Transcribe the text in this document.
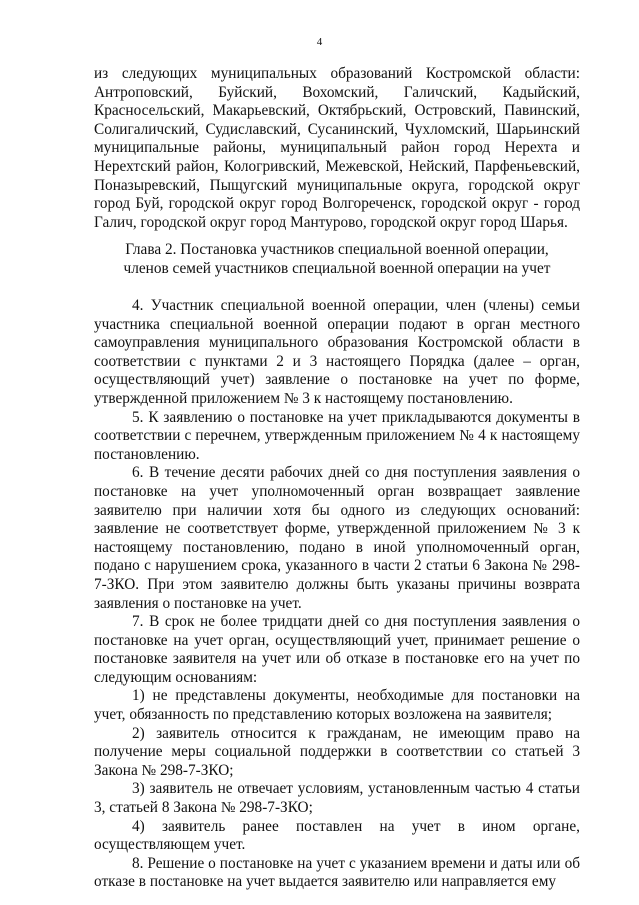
4

из следующих муниципальных образований Костромской области: Антроповский, Буйский, Вохомский, Галичский, Кадыйский, Красносельский, Макарьевский, Октябрьский, Островский, Павинский, Солигаличский, Судиславский, Сусанинский, Чухломский, Шарьинский муниципальные районы, муниципальный район город Нерехта и Нерехтский район, Кологривский, Межевской, Нейский, Парфеньевский, Поназыревский, Пыщугский муниципальные округа, городской округ город Буй, городской округ город Волгореченск, городской округ - город Галич, городской округ город Мантурово, городской округ город Шарья.

Глава 2. Постановка участников специальной военной операции,

членов семей участников специальной военной операции на учет

4. Участник специальной военной операции, член (члены) семьи участника специальной военной операции подают в орган местного самоуправления муниципального образования Костромской области в соответствии с пунктами 2 и 3 настоящего Порядка (далее – орган, осуществляющий учет) заявление о постановке на учет по форме, утвержденной приложением № 3 к настоящему постановлению.

5. К заявлению о постановке на учет прикладываются документы в соответствии с перечнем, утвержденным приложением № 4 к настоящему постановлению.

6. В течение десяти рабочих дней со дня поступления заявления о постановке на учет уполномоченный орган возвращает заявление заявителю при наличии хотя бы одного из следующих оснований: заявление не соответствует форме, утвержденной приложением № 3 к настоящему постановлению, подано в иной уполномоченный орган, подано с нарушением срока, указанного в части 2 статьи 6 Закона № 298-7-ЗКО. При этом заявителю должны быть указаны причины возврата заявления о постановке на учет.

7. В срок не более тридцати дней со дня поступления заявления о постановке на учет орган, осуществляющий учет, принимает решение о постановке заявителя на учет или об отказе в постановке его на учет по следующим основаниям:

1) не представлены документы, необходимые для постановки на учет, обязанность по представлению которых возложена на заявителя;

2) заявитель относится к гражданам, не имеющим право на получение меры социальной поддержки в соответствии со статьей 3 Закона № 298-7-ЗКО;

3) заявитель не отвечает условиям, установленным частью 4 статьи 3, статьей 8 Закона № 298-7-ЗКО;

4) заявитель ранее поставлен на учет в ином органе, осуществляющем учет.

8. Решение о постановке на учет с указанием времени и даты или об отказе в постановке на учет выдается заявителю или направляется ему
